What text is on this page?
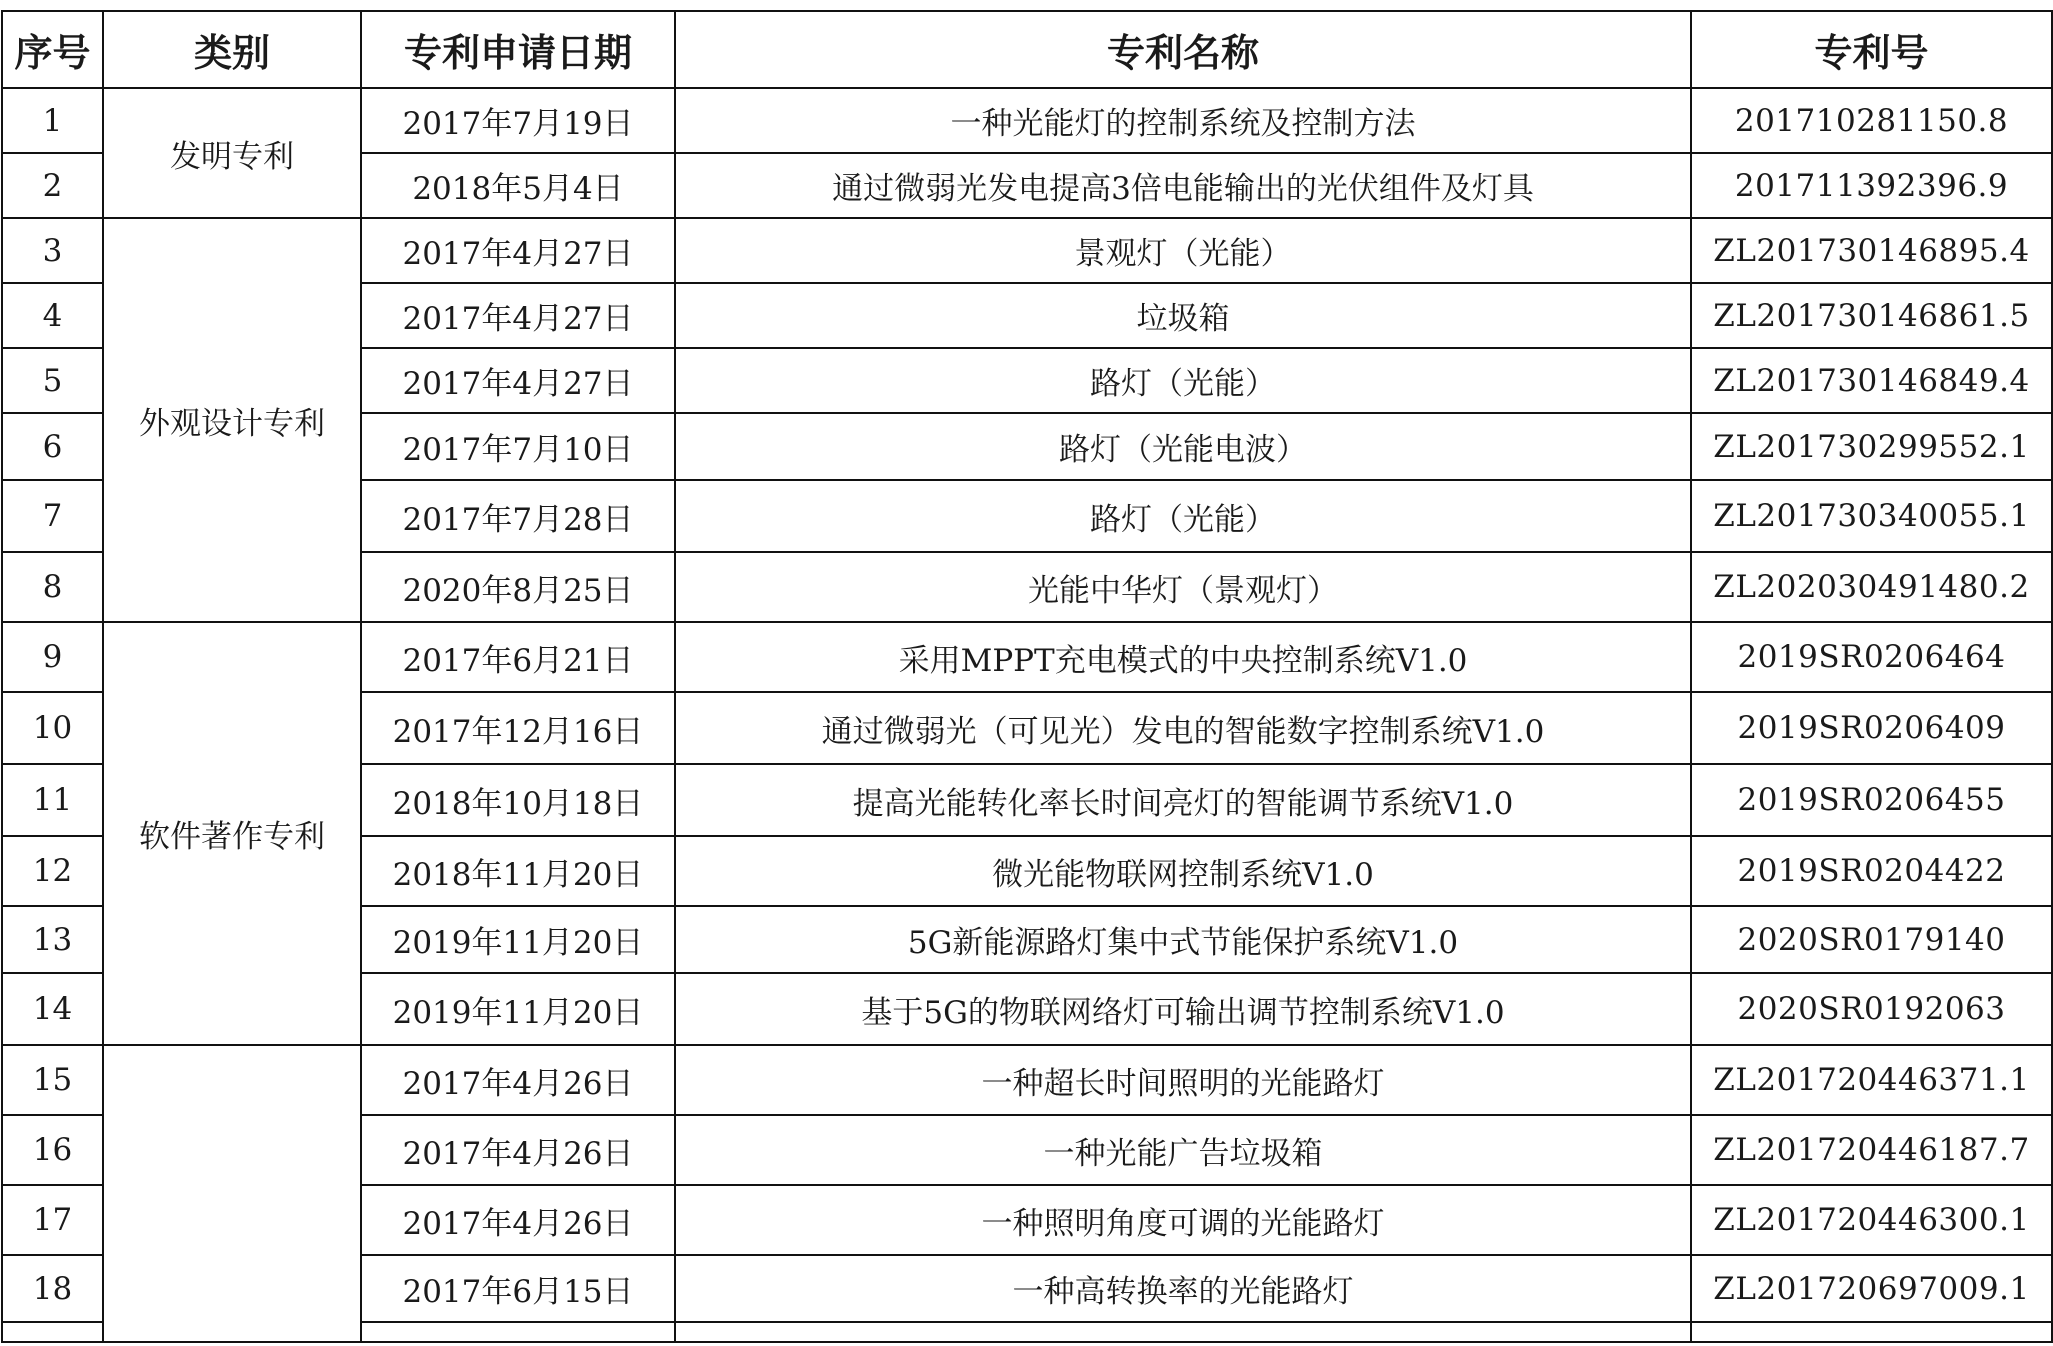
序号	类别	专利申请日期	专利名称	专利号
1	发明专利	2017年7月19日	一种光能灯的控制系统及控制方法	201710281150.8
2		2018年5月4日	通过微弱光发电提高3倍电能输出的光伏组件及灯具	201711392396.9
3	外观设计专利	2017年4月27日	景观灯（光能）	ZL201730146895.4
4		2017年4月27日	垃圾箱	ZL201730146861.5
5		2017年4月27日	路灯（光能）	ZL201730146849.4
6		2017年7月10日	路灯（光能电波）	ZL201730299552.1
7		2017年7月28日	路灯（光能）	ZL201730340055.1
8		2020年8月25日	光能中华灯（景观灯）	ZL202030491480.2
9	软件著作专利	2017年6月21日	采用MPPT充电模式的中央控制系统V1.0	2019SR0206464
10		2017年12月16日	通过微弱光（可见光）发电的智能数字控制系统V1.0	2019SR0206409
11		2018年10月18日	提高光能转化率长时间亮灯的智能调节系统V1.0	2019SR0206455
12		2018年11月20日	微光能物联网控制系统V1.0	2019SR0204422
13		2019年11月20日	5G新能源路灯集中式节能保护系统V1.0	2020SR0179140
14		2019年11月20日	基于5G的物联网络灯可输出调节控制系统V1.0	2020SR0192063
15		2017年4月26日	一种超长时间照明的光能路灯	ZL201720446371.1
16		2017年4月26日	一种光能广告垃圾箱	ZL201720446187.7
17		2017年4月26日	一种照明角度可调的光能路灯	ZL201720446300.1
18		2017年6月15日	一种高转换率的光能路灯	ZL201720697009.1
